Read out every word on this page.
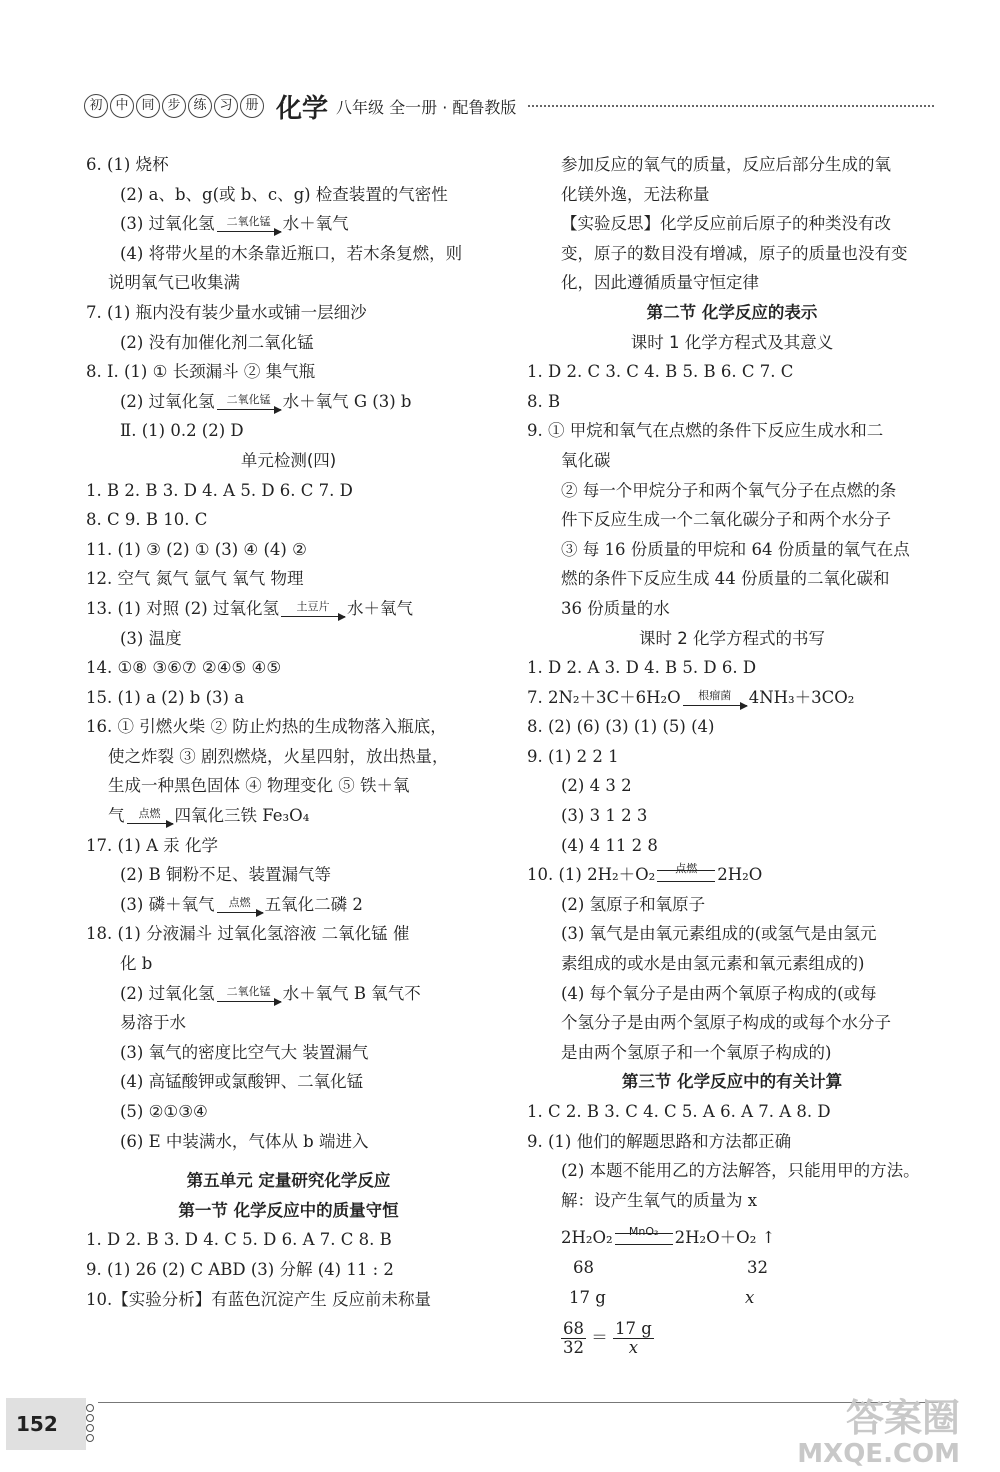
初 中 同 步 练 习 册 化学 八年级 全一册 · 配鲁教版
6. (1) 烧杯
(2) a、b、g(或 b、c、g) 检查装置的气密性
(3) 过氧化氢	二氧化锰 水＋氧气
(4) 将带火星的木条靠近瓶口，若木条复燃，则
说明氧气已收集满
7. (1) 瓶内没有装少量水或铺一层细沙
(2) 没有加催化剂二氧化锰
8. Ⅰ. (1) ① 长颈漏斗 ② 集气瓶
(2) 过氧化氢	二氧化锰 水＋氧气 G (3) b
Ⅱ. (1) 0.2 (2) D
单元检测(四)
1. B 2. B 3. D 4. A 5. D 6. C 7. D
8. C 9. B 10. C
11. (1) ③ (2) ① (3) ④ (4) ②
12. 空气 氮气 氩气 氧气 物理
13. (1) 对照 (2) 过氧化氢	土豆片	水＋氧气
(3) 温度
14. ①⑧ ③⑥⑦ ②④⑤ ④⑤
15. (1) a (2) b (3) a
16. ① 引燃火柴 ② 防止灼热的生成物落入瓶底，
使之炸裂 ③ 剧烈燃烧，火星四射，放出热量，
生成一种黑色固体 ④ 物理变化 ⑤ 铁＋氧
气	点燃 四氧化三铁 Fe₃O₄
17. (1) A 汞 化学
(2) B 铜粉不足、装置漏气等
(3) 磷＋氧气	点燃 五氧化二磷 2
18. (1) 分液漏斗 过氧化氢溶液 二氧化锰 催
化 b
(2) 过氧化氢	二氧化锰 水＋氧气 B 氧气不
易溶于水
(3) 氧气的密度比空气大 装置漏气
(4) 高锰酸钾或氯酸钾、二氧化锰
(5) ②①③④
(6) E 中装满水，气体从 b 端进入
第五单元 定量研究化学反应
第一节 化学反应中的质量守恒
1. D 2. B 3. D 4. C 5. D 6. A 7. C 8. B
9. (1) 26 (2) C ABD (3) 分解 (4) 11 : 2
10.【实验分析】有蓝色沉淀产生 反应前未称量
参加反应的氧气的质量，反应后部分生成的氧
化镁外逸，无法称量
【实验反思】化学反应前后原子的种类没有改
变，原子的数目没有增减，原子的质量也没有变
化，因此遵循质量守恒定律
第二节 化学反应的表示
课时 1 化学方程式及其意义
1. D 2. C 3. C 4. B 5. B 6. C 7. C
8. B
9. ① 甲烷和氧气在点燃的条件下反应生成水和二
氧化碳
② 每一个甲烷分子和两个氧气分子在点燃的条
件下反应生成一个二氧化碳分子和两个水分子
③ 每 16 份质量的甲烷和 64 份质量的氧气在点
燃的条件下反应生成 44 份质量的二氧化碳和
36 份质量的水
课时 2 化学方程式的书写
1. D 2. A 3. D 4. B 5. D 6. D
7. 2N₂＋3C＋6H₂O	根瘤菌	4NH₃＋3CO₂
8. (2) (6) (3) (1) (5) (4)
9. (1) 2 2 1
(2) 4 3 2
(3) 3 1 2 3
(4) 4 11 2 8
10. (1) 2H₂＋O₂	点燃	2H₂O
(2) 氢原子和氧原子
(3) 氧气是由氧元素组成的(或氢气是由氢元
素组成的或水是由氢元素和氧元素组成的)
(4) 每个氧分子是由两个氧原子构成的(或每
个氢分子是由两个氢原子构成的或每个水分子
是由两个氢原子和一个氧原子构成的)
第三节 化学反应中的有关计算
1. C 2. B 3. C 4. C 5. A 6. A 7. A 8. D
9. (1) 他们的解题思路和方法都正确
(2) 本题不能用乙的方法解答，只能用甲的方法。
解：设产生氧气的质量为 x
2H₂O₂	MnO₂ 2H₂O＋O₂ ↑
68	32
17 g	x
$\frac{68}{32} = \frac{17 g}{x}$
152	答案圈
MXQE.COM
